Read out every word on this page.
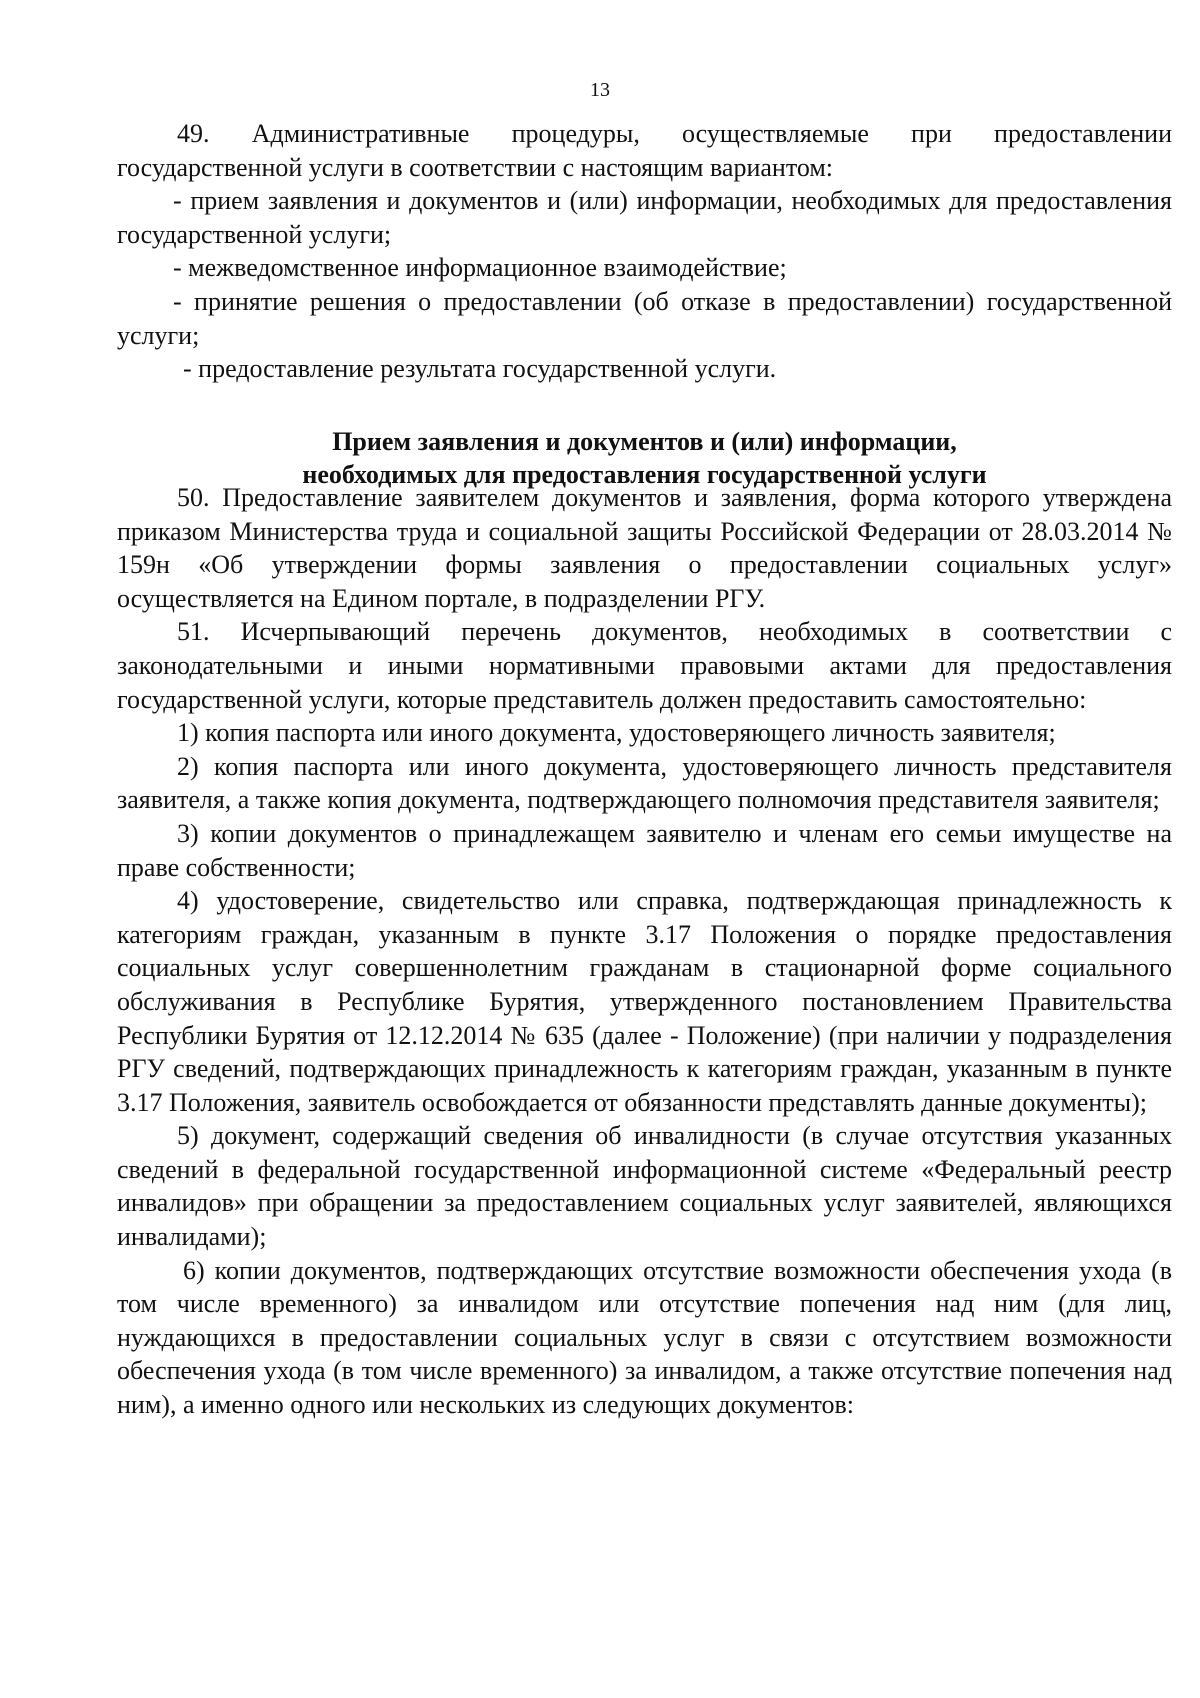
13

49. Административные процедуры, осуществляемые при предоставлении государственной услуги в соответствии с настоящим вариантом:

- прием заявления и документов и (или) информации, необходимых для предоставления государственной услуги;

- межведомственное информационное взаимодействие;

- принятие решения о предоставлении (об отказе в предоставлении) государственной услуги;

- предоставление результата государственной услуги.

Прием заявления и документов и (или) информации,
необходимых для предоставления государственной услуги

50. Предоставление заявителем документов и заявления, форма которого утверждена приказом Министерства труда и социальной защиты Российской Федерации от 28.03.2014 № 159н «Об утверждении формы заявления о предоставлении социальных услуг» осуществляется на Едином портале, в подразделении РГУ.

51. Исчерпывающий перечень документов, необходимых в соответствии с законодательными и иными нормативными правовыми актами для предоставления государственной услуги, которые представитель должен предоставить самостоятельно:

1) копия паспорта или иного документа, удостоверяющего личность заявителя;

2) копия паспорта или иного документа, удостоверяющего личность представителя заявителя, а также копия документа, подтверждающего полномочия представителя заявителя;

3) копии документов о принадлежащем заявителю и членам его семьи имуществе на праве собственности;

4) удостоверение, свидетельство или справка, подтверждающая принадлежность к категориям граждан, указанным в пункте 3.17 Положения о порядке предоставления социальных услуг совершеннолетним гражданам в стационарной форме социального обслуживания в Республике Бурятия, утвержденного постановлением Правительства Республики Бурятия от 12.12.2014 № 635 (далее - Положение) (при наличии у подразделения РГУ сведений, подтверждающих принадлежность к категориям граждан, указанным в пункте 3.17 Положения, заявитель освобождается от обязанности представлять данные документы);

5) документ, содержащий сведения об инвалидности (в случае отсутствия указанных сведений в федеральной государственной информационной системе «Федеральный реестр инвалидов» при обращении за предоставлением социальных услуг заявителей, являющихся инвалидами);

6) копии документов, подтверждающих отсутствие возможности обеспечения ухода (в том числе временного) за инвалидом или отсутствие попечения над ним (для лиц, нуждающихся в предоставлении социальных услуг в связи с отсутствием возможности обеспечения ухода (в том числе временного) за инвалидом, а также отсутствие попечения над ним), а именно одного или нескольких из следующих документов:
